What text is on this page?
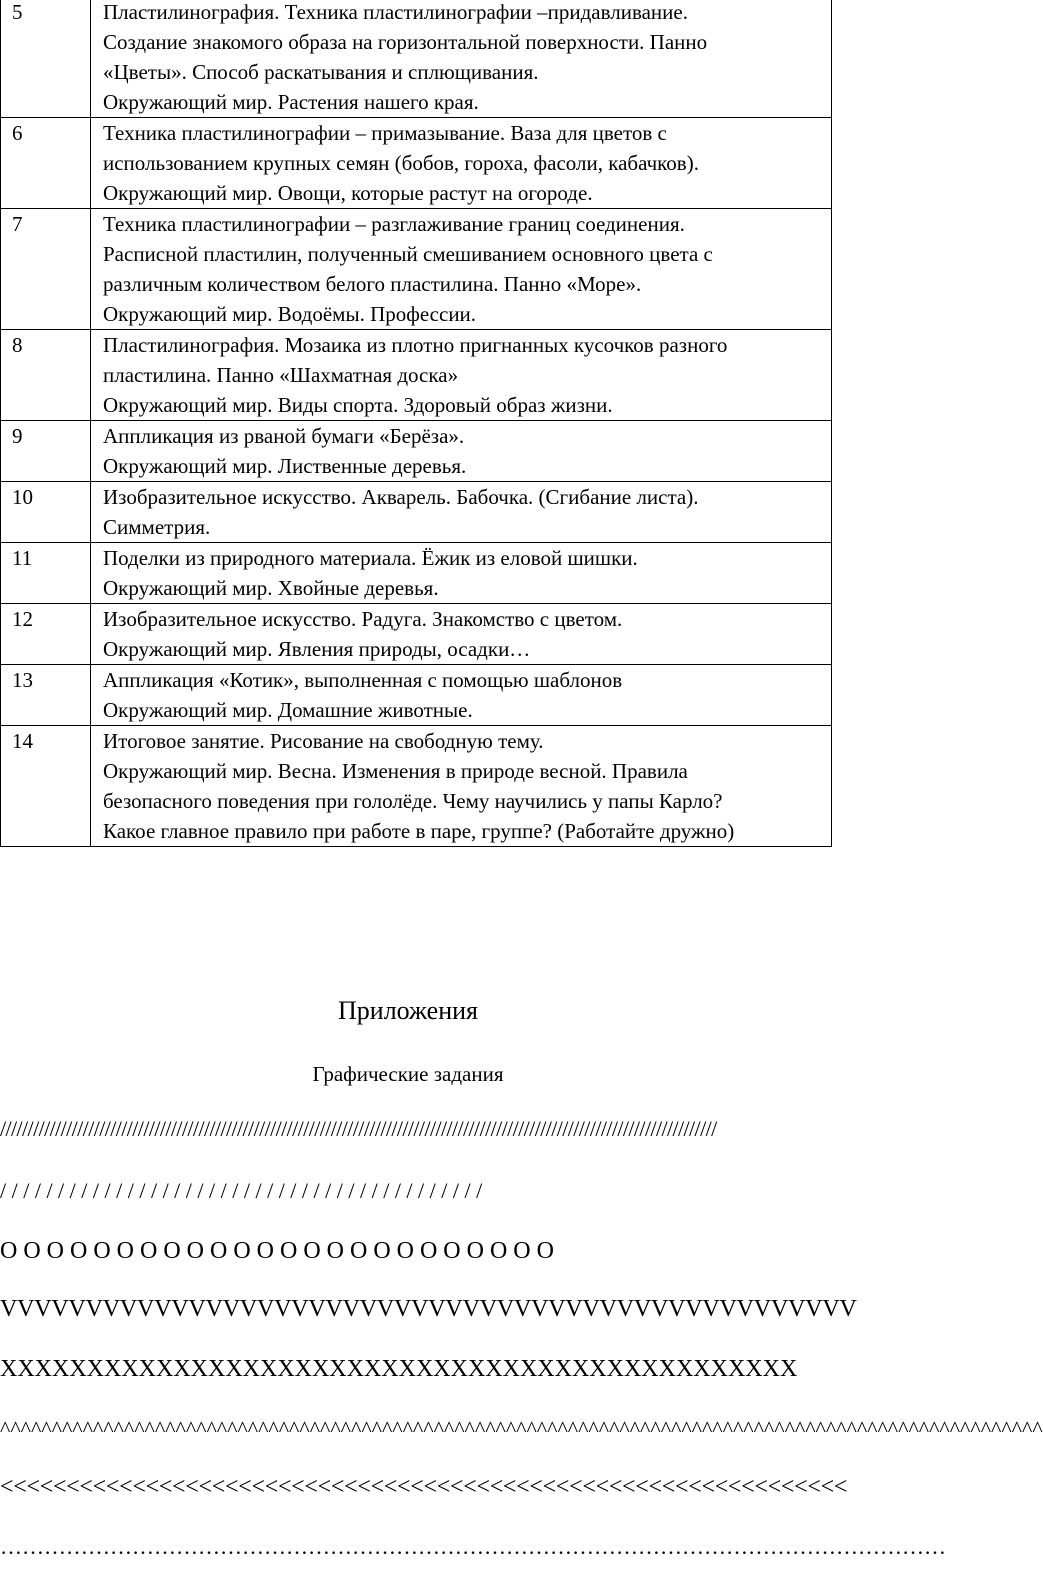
5	Пластилинография. Техника пластилинографии –придавливание.
Создание знакомого образа на горизонтальной поверхности. Панно
«Цветы». Способ раскатывания и сплющивания.
Окружающий мир. Растения нашего края.

6	Техника пластилинографии – примазывание. Ваза для цветов с
использованием крупных семян (бобов, гороха, фасоли, кабачков).
Окружающий мир. Овощи, которые растут на огороде.

7	Техника пластилинографии – разглаживание границ соединения.
Расписной пластилин, полученный смешиванием основного цвета с
различным количеством белого пластилина. Панно «Море».
Окружающий мир. Водоёмы. Профессии.

8	Пластилинография. Мозаика из плотно пригнанных кусочков разного
пластилина. Панно «Шахматная доска»
Окружающий мир. Виды спорта. Здоровый образ жизни.

9	Аппликация из рваной бумаги «Берёза».
Окружающий мир. Лиственные деревья.

10	Изобразительное искусство. Акварель. Бабочка. (Сгибание листа).
Симметрия.

11	Поделки из природного материала. Ёжик из еловой шишки.
Окружающий мир. Хвойные деревья.

12	Изобразительное искусство. Радуга. Знакомство с цветом.
Окружающий мир. Явления природы, осадки…

13	Аппликация «Котик», выполненная с помощью шаблонов
Окружающий мир. Домашние животные.

14	Итоговое занятие. Рисование на свободную тему.
Окружающий мир. Весна. Изменения в природе весной. Правила
безопасного поведения при гололёде. Чему научились у папы Карло?
Какое главное правило при работе в паре, группе? (Работайте дружно)
Приложения
Графические задания
//////////////////////////////////////////////////////////////////////////////////////////////////////////////////////////////////
/ / / / / / / / / / / / / / / / / / / / / / / / / / / / / / / / / / / / / / / / / /
О О О О О О О О О О О О О О О О О О О О О О О О
VVVVVVVVVVVVVVVVVVVVVVVVVVVVVVVVVVVVVVVVVVVVVVVVVV
ХХХХХХХХХХХХХХХХХХХХХХХХХХХХХХХХХХХХХХХХХХХХХХ
^^^^^^^^^^^^^^^^^^^^^^^^^^^^^^^^^^^^^^^^^^^^^^^^^^^^^^^^^^^^^^^^^^^^^^^^^^^^^^^^^^^^^^^^^^^^^^^^^^^^^
<<<<<<<<<<<<<<<<<<<<<<<<<<<<<<<<<<<<<<<<<<<<<<<<<<<<<<<<<<<<<<<<
…………………………………………………………………………………………………………………
